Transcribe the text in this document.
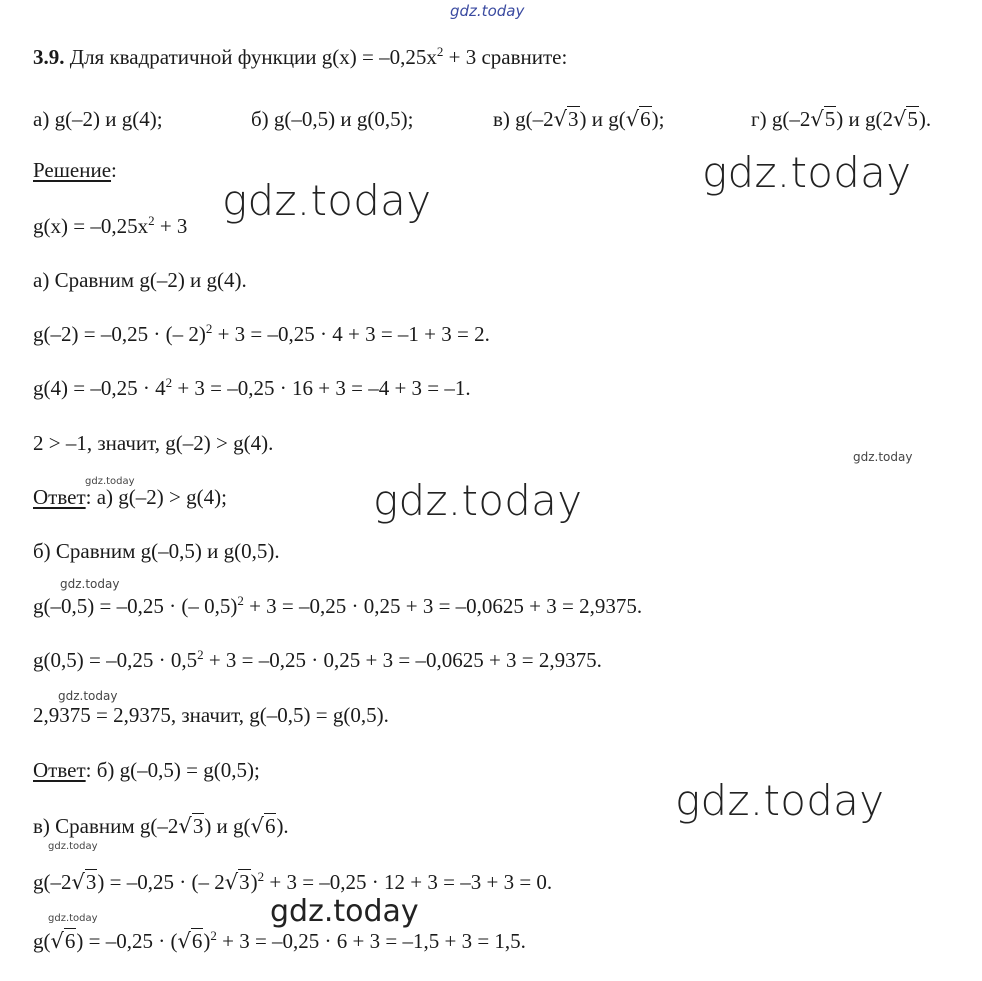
gdz.today
gdz.today
gdz.today
gdz.today
gdz.today
gdz.today
gdz.today
gdz.today
gdz.today
gdz.today
gdz.today
gdz.today
3.9. Для квадратичной функции $g(x) = -0,25x^2 + 3$ сравните:
а) g(–2) и g(4);	б) g(–0,5) и g(0,5);	в) g(–2√3) и g(√6);	г) g(–2√5) и g(2√5).
Решение:
$g(x) = -0,25x^2 + 3$
а) Сравним g(–2) и g(4).
g(–2) = –0,25 · (– 2)$^2$ + 3 = –0,25 · 4 + 3 = –1 + 3 = 2.
$g(4) = -0,25 \cdot 4^2 + 3 = -0,25 \cdot 16 + 3 = -4 + 3 = -1$.
2 > –1, значит, g(–2) > g(4).
Ответ: а) g(–2) > g(4);
б) Сравним g(–0,5) и g(0,5).
g(–0,5) = –0,25 · (– 0,5)$^2$ + 3 = –0,25 · 0,25 + 3 = –0,0625 + 3 = 2,9375.
$g(0,5) = -0,25 \cdot 0,5^2 + 3 = -0,25 \cdot 0,25 + 3 = -0,0625 + 3 = 2,9375$.
2,9375 = 2,9375, значит, g(–0,5) = g(0,5).
Ответ: б) g(–0,5) = g(0,5);
в) Сравним g(–2√3) и g(√6).
g(–2√3) = –0,25 · (– 2√3)$^2$ + 3 = –0,25 · 12 + 3 = –3 + 3 = 0.
$g(√6) = -0,25 \cdot (√6)^2 + 3 = -0,25 \cdot 6 + 3 = -1,5 + 3 = 1,5$.
